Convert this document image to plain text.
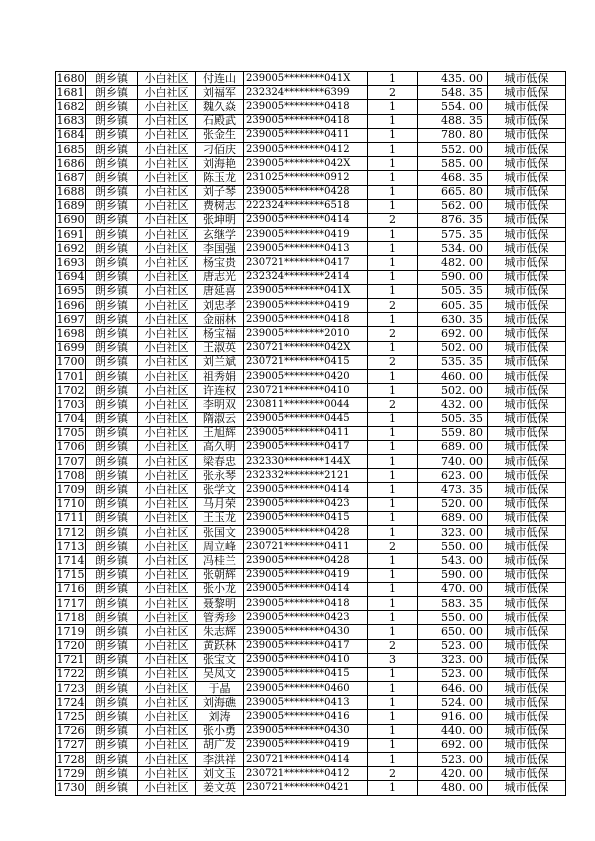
1680	朗乡镇	小白社区	付连山	239005********041X	1	435. 00	城市低保
1681	朗乡镇	小白社区	刘福军	232324********6399	2	548. 35	城市低保
1682	朗乡镇	小白社区	魏久焱	239005********0418	1	554. 00	城市低保
1683	朗乡镇	小白社区	石殿武	239005********0418	1	488. 35	城市低保
1684	朗乡镇	小白社区	张金生	239005********0411	1	780. 80	城市低保
1685	朗乡镇	小白社区	刁佰庆	239005********0412	1	552. 00	城市低保
1686	朗乡镇	小白社区	刘海艳	239005********042X	1	585. 00	城市低保
1687	朗乡镇	小白社区	陈玉龙	231025********0912	1	468. 35	城市低保
1688	朗乡镇	小白社区	刘子琴	239005********0428	1	665. 80	城市低保
1689	朗乡镇	小白社区	费树志	222324********6518	1	562. 00	城市低保
1690	朗乡镇	小白社区	张坤明	239005********0414	2	876. 35	城市低保
1691	朗乡镇	小白社区	玄继学	239005********0419	1	575. 35	城市低保
1692	朗乡镇	小白社区	李国强	239005********0413	1	534. 00	城市低保
1693	朗乡镇	小白社区	杨宝贵	230721********0417	1	482. 00	城市低保
1694	朗乡镇	小白社区	唐志光	232324********2414	1	590. 00	城市低保
1695	朗乡镇	小白社区	唐延喜	239005********041X	1	505. 35	城市低保
1696	朗乡镇	小白社区	刘忠孝	239005********0419	2	605. 35	城市低保
1697	朗乡镇	小白社区	金丽林	239005********0418	1	630. 35	城市低保
1698	朗乡镇	小白社区	杨宝福	239005********2010	2	692. 00	城市低保
1699	朗乡镇	小白社区	王淑英	230721********042X	1	502. 00	城市低保
1700	朗乡镇	小白社区	刘兰斌	230721********0415	2	535. 35	城市低保
1701	朗乡镇	小白社区	祖秀娟	239005********0420	1	460. 00	城市低保
1702	朗乡镇	小白社区	许连权	230721********0410	1	502. 00	城市低保
1703	朗乡镇	小白社区	李明双	230811********0044	2	432. 00	城市低保
1704	朗乡镇	小白社区	隋淑云	239005********0445	1	505. 35	城市低保
1705	朗乡镇	小白社区	王旭辉	239005********0411	1	559. 80	城市低保
1706	朗乡镇	小白社区	高久明	239005********0417	1	689. 00	城市低保
1707	朗乡镇	小白社区	梁春忠	232330********144X	1	740. 00	城市低保
1708	朗乡镇	小白社区	张永琴	232332********2121	1	623. 00	城市低保
1709	朗乡镇	小白社区	张学文	239005********0414	1	473. 35	城市低保
1710	朗乡镇	小白社区	马月荣	239005********0423	1	520. 00	城市低保
1711	朗乡镇	小白社区	王玉龙	239005********0415	1	689. 00	城市低保
1712	朗乡镇	小白社区	张国文	239005********0428	1	323. 00	城市低保
1713	朗乡镇	小白社区	周立峰	230721********0411	2	550. 00	城市低保
1714	朗乡镇	小白社区	冯桂兰	239005********0428	1	543. 00	城市低保
1715	朗乡镇	小白社区	张朝辉	239005********0419	1	590. 00	城市低保
1716	朗乡镇	小白社区	张小龙	239005********0414	1	470. 00	城市低保
1717	朗乡镇	小白社区	聂黎明	239005********0418	1	583. 35	城市低保
1718	朗乡镇	小白社区	管秀珍	239005********0423	1	550. 00	城市低保
1719	朗乡镇	小白社区	朱志辉	239005********0430	1	650. 00	城市低保
1720	朗乡镇	小白社区	黄跃林	239005********0417	2	523. 00	城市低保
1721	朗乡镇	小白社区	张宝文	239005********0410	3	323. 00	城市低保
1722	朗乡镇	小白社区	吴凤文	239005********0415	1	523. 00	城市低保
1723	朗乡镇	小白社区	于晶	239005********0460	1	646. 00	城市低保
1724	朗乡镇	小白社区	刘海礁	239005********0413	1	524. 00	城市低保
1725	朗乡镇	小白社区	刘涛	239005********0416	1	916. 00	城市低保
1726	朗乡镇	小白社区	张小勇	239005********0430	1	440. 00	城市低保
1727	朗乡镇	小白社区	胡广发	239005********0419	1	692. 00	城市低保
1728	朗乡镇	小白社区	李洪祥	230721********0414	1	523. 00	城市低保
1729	朗乡镇	小白社区	刘文玉	230721********0412	2	420. 00	城市低保
1730	朗乡镇	小白社区	姜文英	230721********0421	1	480. 00	城市低保
